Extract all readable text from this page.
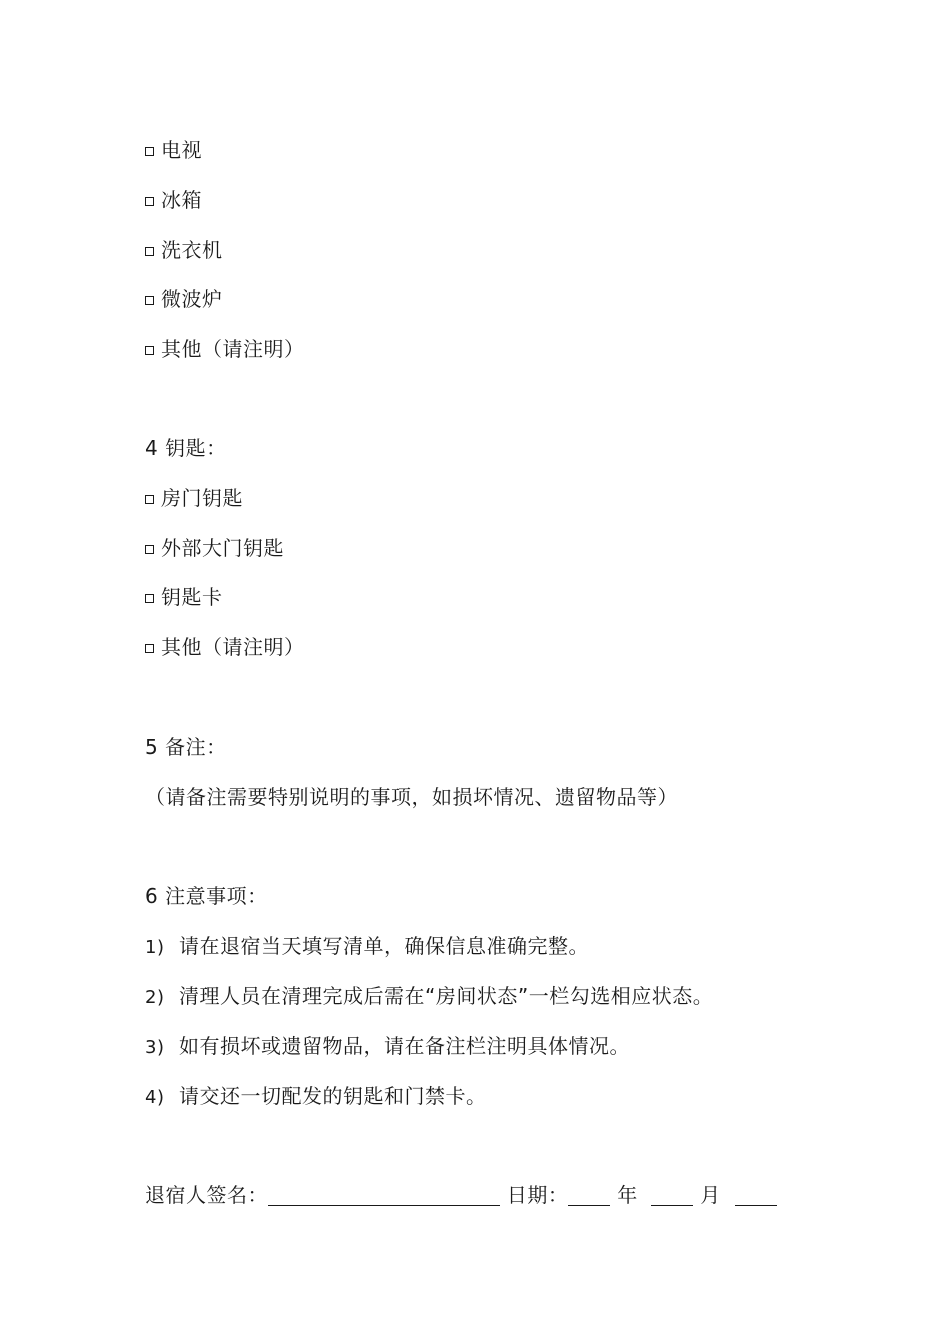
电视
冰箱
洗衣机
微波炉
其他（请注明）
4 钥匙：
房门钥匙
外部大门钥匙
钥匙卡
其他（请注明）
5 备注：
（请备注需要特别说明的事项，如损坏情况、遗留物品等）
6 注意事项：
1) 请在退宿当天填写清单，确保信息准确完整。
2) 清理人员在清理完成后需在“房间状态”一栏勾选相应状态。
3) 如有损坏或遗留物品，请在备注栏注明具体情况。
4) 请交还一切配发的钥匙和门禁卡。
退宿人签名：	日期： 年	月
